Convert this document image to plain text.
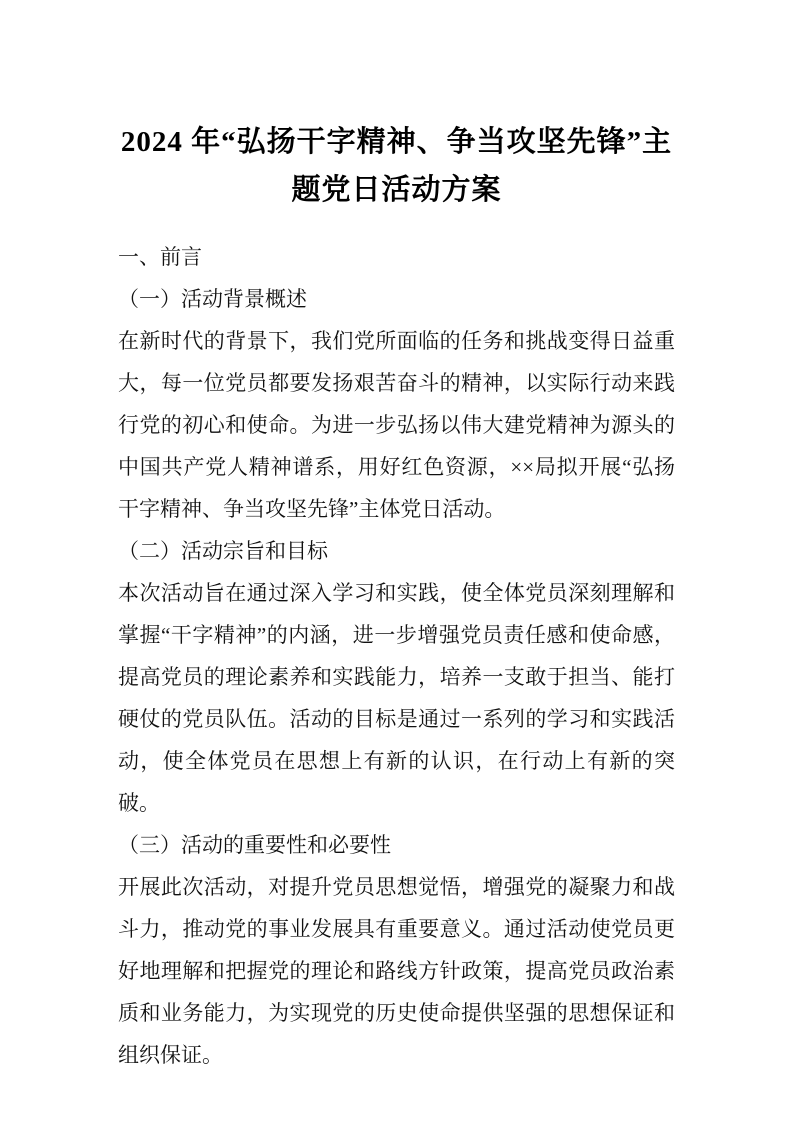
2024 年“弘扬干字精神、争当攻坚先锋”主
题党日活动方案

一、前言

（一）活动背景概述

在新时代的背景下，我们党所面临的任务和挑战变得日益重大，每一位党员都要发扬艰苦奋斗的精神，以实际行动来践行党的初心和使命。为进一步弘扬以伟大建党精神为源头的中国共产党人精神谱系，用好红色资源，××局拟开展“弘扬干字精神、争当攻坚先锋”主体党日活动。

（二）活动宗旨和目标

本次活动旨在通过深入学习和实践，使全体党员深刻理解和掌握“干字精神”的内涵，进一步增强党员责任感和使命感，提高党员的理论素养和实践能力，培养一支敢于担当、能打硬仗的党员队伍。活动的目标是通过一系列的学习和实践活动，使全体党员在思想上有新的认识，在行动上有新的突破。

（三）活动的重要性和必要性

开展此次活动，对提升党员思想觉悟，增强党的凝聚力和战斗力，推动党的事业发展具有重要意义。通过活动使党员更好地理解和把握党的理论和路线方针政策，提高党员政治素质和业务能力，为实现党的历史使命提供坚强的思想保证和组织保证。
